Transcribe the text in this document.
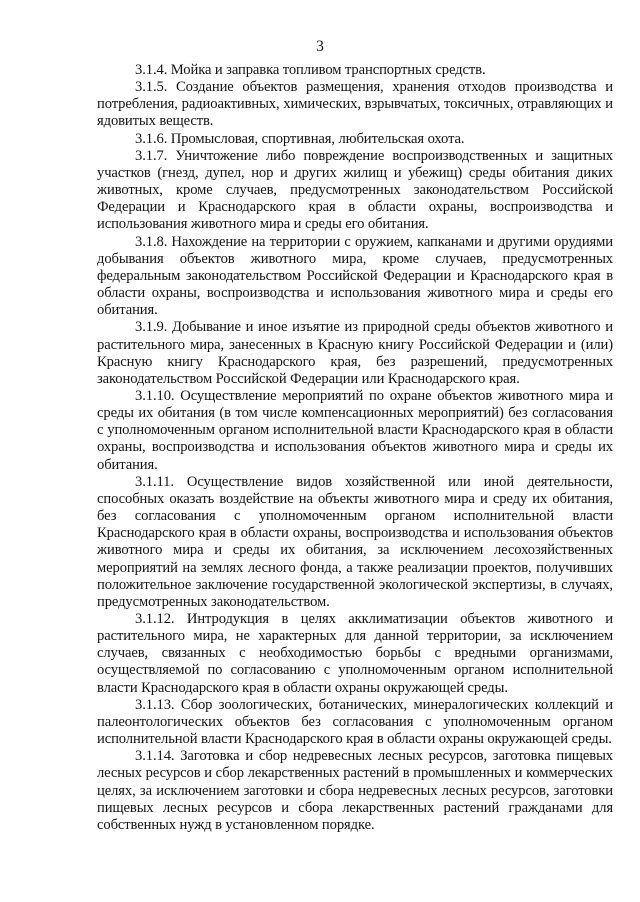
3

3.1.4. Мойка и заправка топливом транспортных средств.

3.1.5. Создание объектов размещения, хранения отходов производства и потребления, радиоактивных, химических, взрывчатых, токсичных, отравляющих и ядовитых веществ.

3.1.6. Промысловая, спортивная, любительская охота.

3.1.7. Уничтожение либо повреждение воспроизводственных и защитных участков (гнезд, дупел, нор и других жилищ и убежищ) среды обитания диких животных, кроме случаев, предусмотренных законодательством Российской Федерации и Краснодарского края в области охраны, воспроизводства и использования животного мира и среды его обитания.

3.1.8. Нахождение на территории с оружием, капканами и другими орудиями добывания объектов животного мира, кроме случаев, предусмотренных федеральным законодательством Российской Федерации и Краснодарского края в области охраны, воспроизводства и использования животного мира и среды его обитания.

3.1.9. Добывание и иное изъятие из природной среды объектов животного и растительного мира, занесенных в Красную книгу Российской Федерации и (или) Красную книгу Краснодарского края, без разрешений, предусмотренных законодательством Российской Федерации или Краснодарского края.

3.1.10. Осуществление мероприятий по охране объектов животного мира и среды их обитания (в том числе компенсационных мероприятий) без согласования с уполномоченным органом исполнительной власти Краснодарского края в области охраны, воспроизводства и использования объектов животного мира и среды их обитания.

3.1.11. Осуществление видов хозяйственной или иной деятельности, способных оказать воздействие на объекты животного мира и среду их обитания, без согласования с уполномоченным органом исполнительной власти Краснодарского края в области охраны, воспроизводства и использования объектов животного мира и среды их обитания, за исключением лесохозяйственных мероприятий на землях лесного фонда, а также реализации проектов, получивших положительное заключение государственной экологической экспертизы, в случаях, предусмотренных законодательством.

3.1.12. Интродукция в целях акклиматизации объектов животного и растительного мира, не характерных для данной территории, за исключением случаев, связанных с необходимостью борьбы с вредными организмами, осуществляемой по согласованию с уполномоченным органом исполнительной власти Краснодарского края в области охраны окружающей среды.

3.1.13. Сбор зоологических, ботанических, минералогических коллекций и палеонтологических объектов без согласования с уполномоченным органом исполнительной власти Краснодарского края в области охраны окружающей среды.

3.1.14. Заготовка и сбор недревесных лесных ресурсов, заготовка пищевых лесных ресурсов и сбор лекарственных растений в промышленных и коммерческих целях, за исключением заготовки и сбора недревесных лесных ресурсов, заготовки пищевых лесных ресурсов и сбора лекарственных растений гражданами для собственных нужд в установленном порядке.
